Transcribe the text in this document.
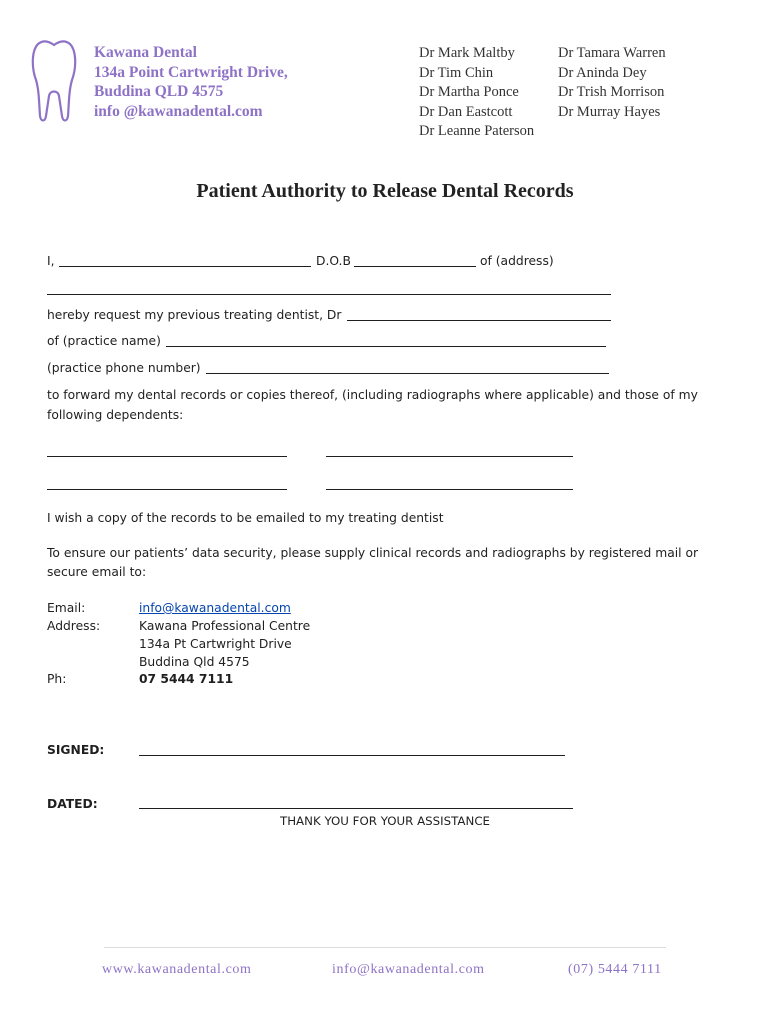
Kawana Dental
134a Point Cartwright Drive,
Buddina QLD 4575
info @kawanadental.com
Dr Mark Maltby
Dr Tim Chin
Dr Martha Ponce
Dr Dan Eastcott
Dr Leanne Paterson
Dr Tamara Warren
Dr Aninda Dey
Dr Trish Morrison
Dr Murray Hayes
Patient Authority to Release Dental Records
I,	D.O.B	of (address)
hereby request my previous treating dentist, Dr
of (practice name)
(practice phone number)
to forward my dental records or copies thereof, (including radiographs where applicable) and those of my
following dependents:
I wish a copy of the records to be emailed to my treating dentist
To ensure our patients’ data security, please supply clinical records and radiographs by registered mail or
secure email to:
Email:	info@kawanadental.com
Address:	Kawana Professional Centre
134a Pt Cartwright Drive
Buddina Qld 4575
Ph:	07 5444 7111
SIGNED:
DATED:
THANK YOU FOR YOUR ASSISTANCE
www.kawanadental.com	info@kawanadental.com	(07) 5444 7111
